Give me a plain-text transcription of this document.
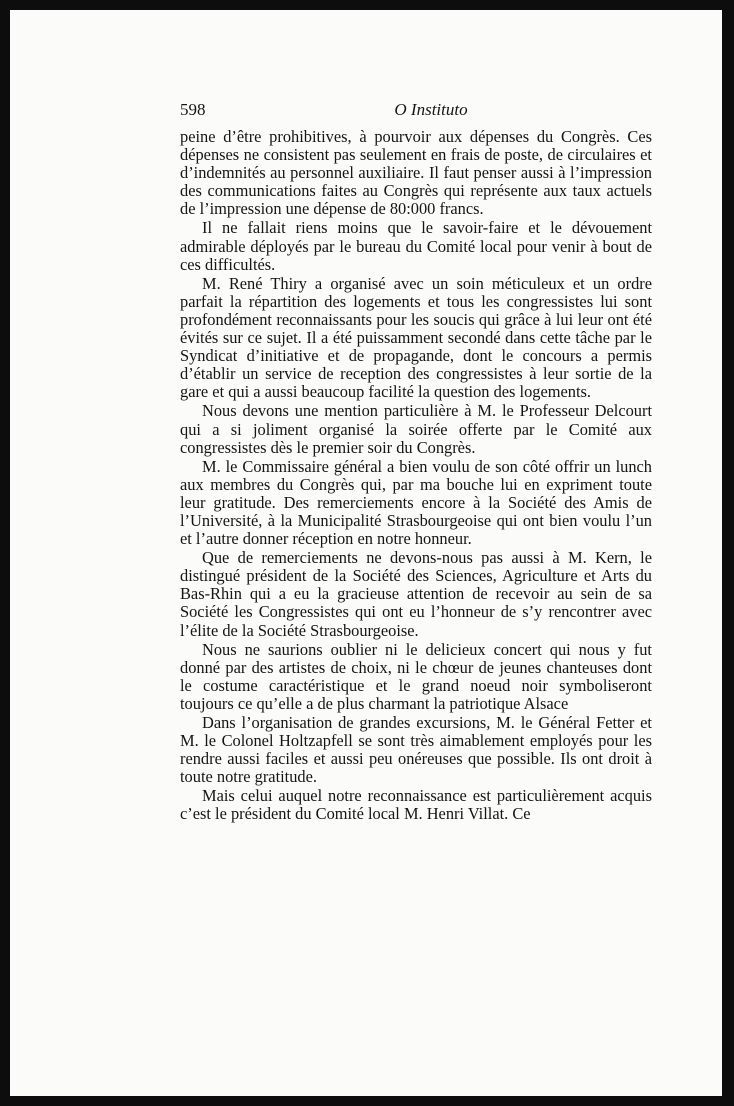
598	O Instituto

peine d’être prohibitives, à pourvoir aux dépenses du Congrès. Ces dépenses ne consistent pas seulement en frais de poste, de circulaires et d’indemnités au personnel auxiliaire. Il faut penser aussi à l’impression des communications faites au Congrès qui représente aux taux actuels de l’impression une dépense de 80:000 francs.

Il ne fallait riens moins que le savoir-faire et le dévouement admirable déployés par le bureau du Comité local pour venir à bout de ces difficultés.

M. René Thiry a organisé avec un soin méticuleux et un ordre parfait la répartition des logements et tous les congressistes lui sont profondément reconnaissants pour les soucis qui grâce à lui leur ont été évités sur ce sujet. Il a été puissamment secondé dans cette tâche par le Syndicat d’initiative et de propagande, dont le concours a permis d’établir un service de reception des congressistes à leur sortie de la gare et qui a aussi beaucoup facilité la question des logements.

Nous devons une mention particulière à M. le Professeur Delcourt qui a si joliment organisé la soirée offerte par le Comité aux congressistes dès le premier soir du Congrès.

M. le Commissaire général a bien voulu de son côté offrir un lunch aux membres du Congrès qui, par ma bouche lui en expriment toute leur gratitude. Des remerciements encore à la Société des Amis de l’Université, à la Municipalité Strasbourgeoise qui ont bien voulu l’un et l’autre donner réception en notre honneur.

Que de remerciements ne devons-nous pas aussi à M. Kern, le distingué président de la Société des Sciences, Agriculture et Arts du Bas-Rhin qui a eu la gracieuse attention de recevoir au sein de sa Société les Congressistes qui ont eu l’honneur de s’y rencontrer avec l’élite de la Société Strasbourgeoise.

Nous ne saurions oublier ni le delicieux concert qui nous y fut donné par des artistes de choix, ni le chœur de jeunes chanteuses dont le costume caractéristique et le grand noeud noir symboliseront toujours ce qu’elle a de plus charmant la patriotique Alsace

Dans l’organisation de grandes excursions, M. le Général Fetter et M. le Colonel Holtzapfell se sont très aimablement employés pour les rendre aussi faciles et aussi peu onéreuses que possible. Ils ont droit à toute notre gratitude.

Mais celui auquel notre reconnaissance est particulièrement acquis c’est le président du Comité local M. Henri Villat. Ce
